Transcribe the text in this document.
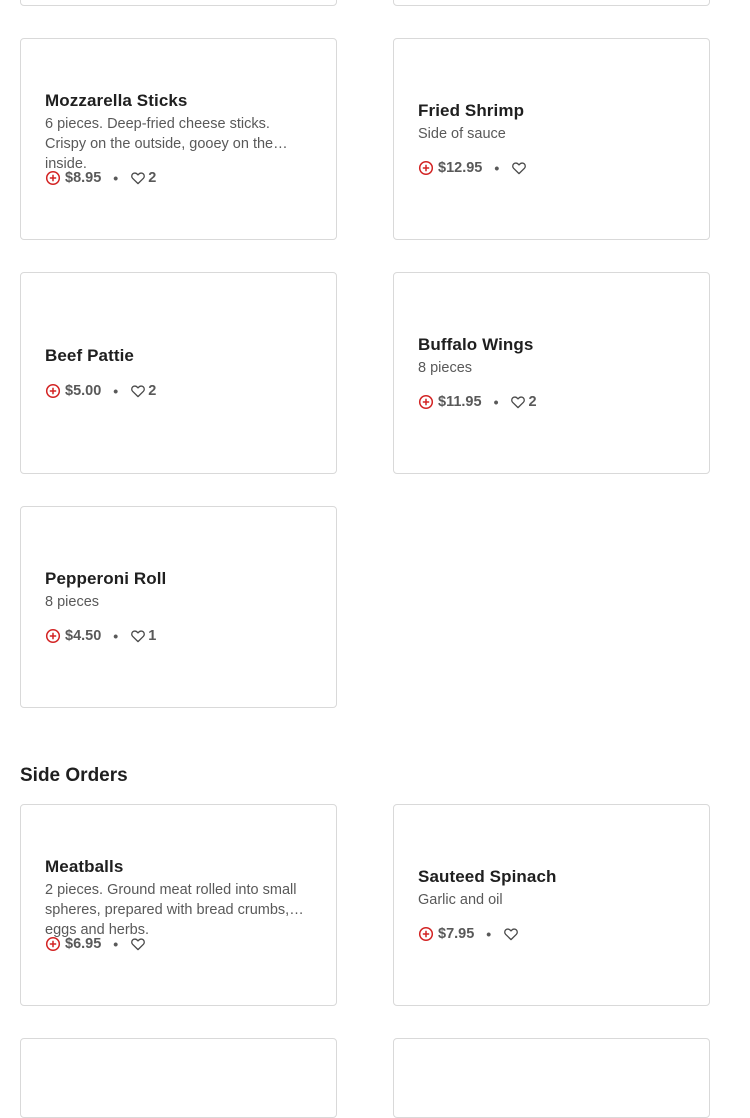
Mozzarella Sticks
6 pieces. Deep-fried cheese sticks. Crispy on the outside, gooey on the inside.
$8.95 • 2
Fried Shrimp
Side of sauce
$12.95 •
Beef Pattie
$5.00 • 2
Buffalo Wings
8 pieces
$11.95 • 2
Pepperoni Roll
8 pieces
$4.50 • 1
Side Orders
Meatballs
2 pieces. Ground meat rolled into small spheres, prepared with bread crumbs, eggs and herbs.
$6.95 •
Sauteed Spinach
Garlic and oil
$7.95 •
